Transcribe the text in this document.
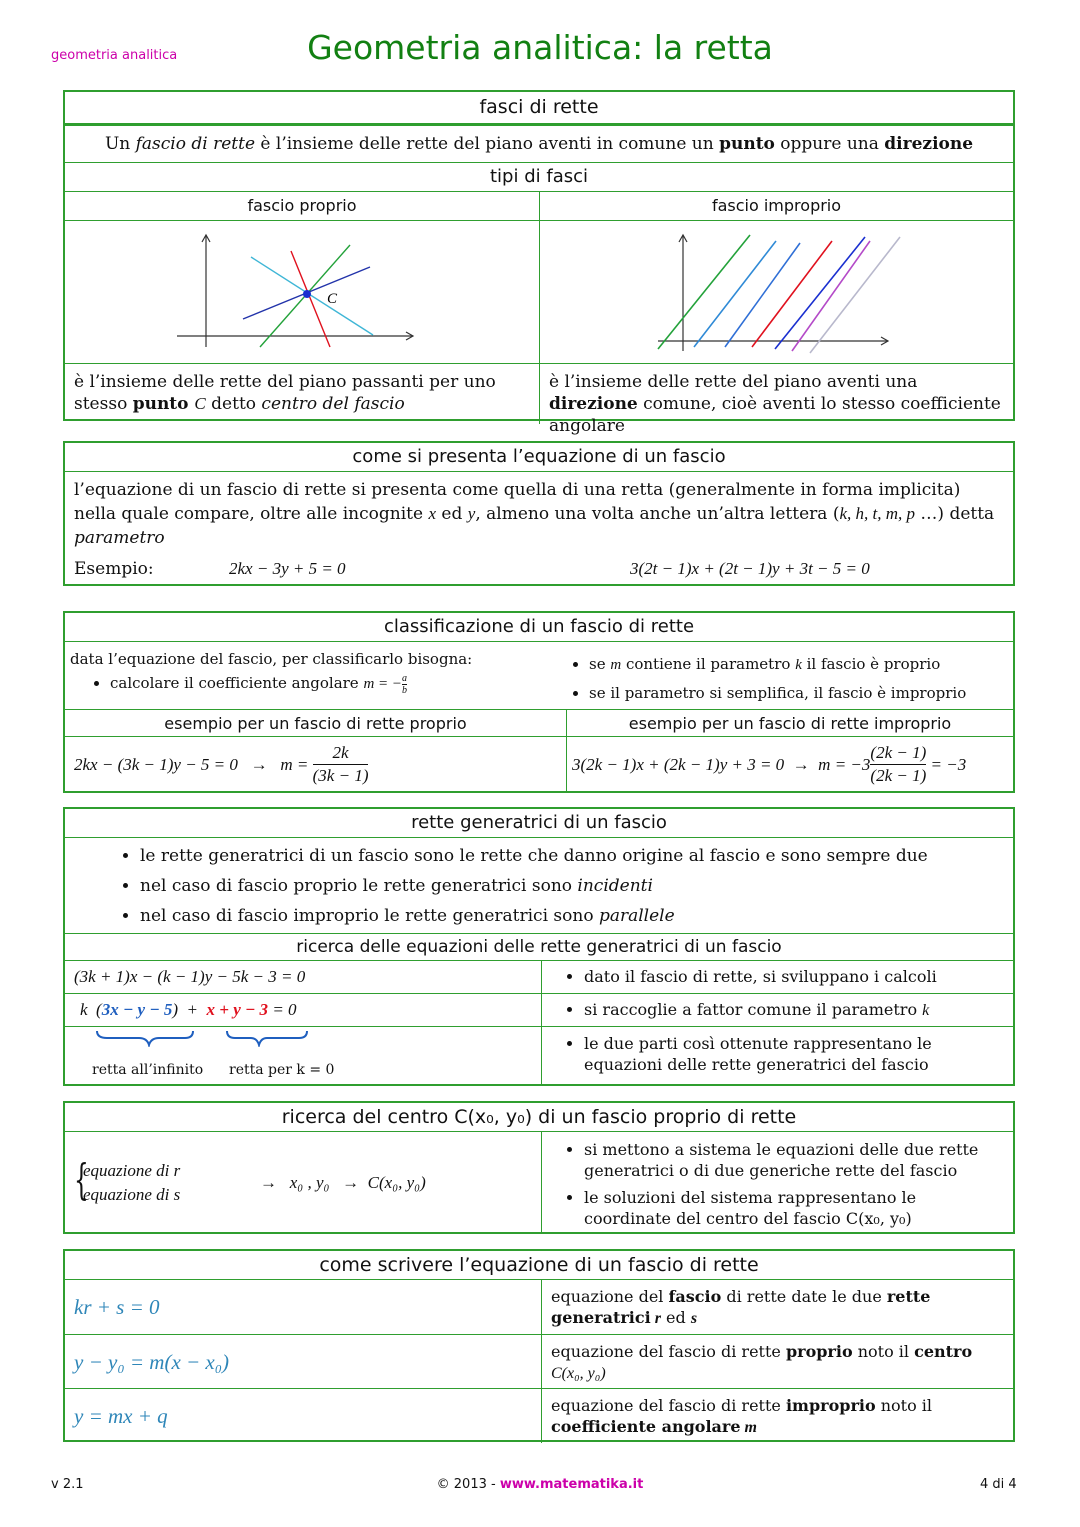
geometria analitica	Geometria analitica: la retta
fasci di rette
Un fascio di rette è l’insieme delle rette del piano aventi in comune un punto oppure una direzione
tipi di fasci
fascio proprio	fascio improprio
C
è l’insieme delle rette del piano passanti per uno stesso punto C detto centro del fascio
è l’insieme delle rette del piano aventi una direzione comune, cioè aventi lo stesso coefficiente angolare
come si presenta l’equazione di un fascio
l’equazione di un fascio di rette si presenta come quella di una retta (generalmente in forma implicita) nella quale compare, oltre alle incognite x ed y, almeno una volta anche un’altra lettera (k, h, t, m, p …) detta parametro
Esempio:	2kx − 3y + 5 = 0	3(2t − 1)x + (2t − 1)y + 3t − 5 = 0
classificazione di un fascio di rette
data l’equazione del fascio, per classificarlo bisogna:
• calcolare il coefficiente angolare m = − $\frac{a}{b}$
• se m contiene il parametro k il fascio è proprio
• se il parametro si semplifica, il fascio è improprio
esempio per un fascio di rette proprio	esempio per un fascio di rette improprio
$2kx - (3k - 1)y - 5 = 0 \to m = \frac{2k}{(3k - 1)}$	$3(2k - 1)x + (2k - 1)y + 3 = 0 \to m = -3 \frac{(2k - 1)}{(2k - 1)} = -3$
rette generatrici di un fascio
• le rette generatrici di un fascio sono le rette che danno origine al fascio e sono sempre due
• nel caso di fascio proprio le rette generatrici sono incidenti
• nel caso di fascio improprio le rette generatrici sono parallele
ricerca delle equazioni delle rette generatrici di un fascio
(3k + 1)x − (k − 1)y − 5k − 3 = 0	• dato il fascio di rette, si sviluppano i calcoli
k  (3x − y − 5)  +  x + y − 3 = 0	• si raccoglie a fattor comune il parametro k
retta all’infinito retta per k = 0
• le due parti così ottenute rappresentano le equazioni delle rette generatrici del fascio
ricerca del centro C(x₀, y₀) di un fascio proprio di rette
{
equazione di r
equazione di s
→   x₀ , y₀   →  C(x₀, y₀)
• si mettono a sistema le equazioni delle due rette generatrici o di due generiche rette del fascio
• le soluzioni del sistema rappresentano le coordinate del centro del fascio C(x₀, y₀)
come scrivere l’equazione di un fascio di rette
kr + s = 0	equazione del fascio di rette date le due rette generatrici r ed s
y − y₀ = m(x − x₀)	equazione del fascio di rette proprio noto il centro
C(x₀, y₀)
y = mx + q	equazione del fascio di rette improprio noto il coefficiente angolare m
v 2.1	© 2013 - www.matematika.it	4 di 4
